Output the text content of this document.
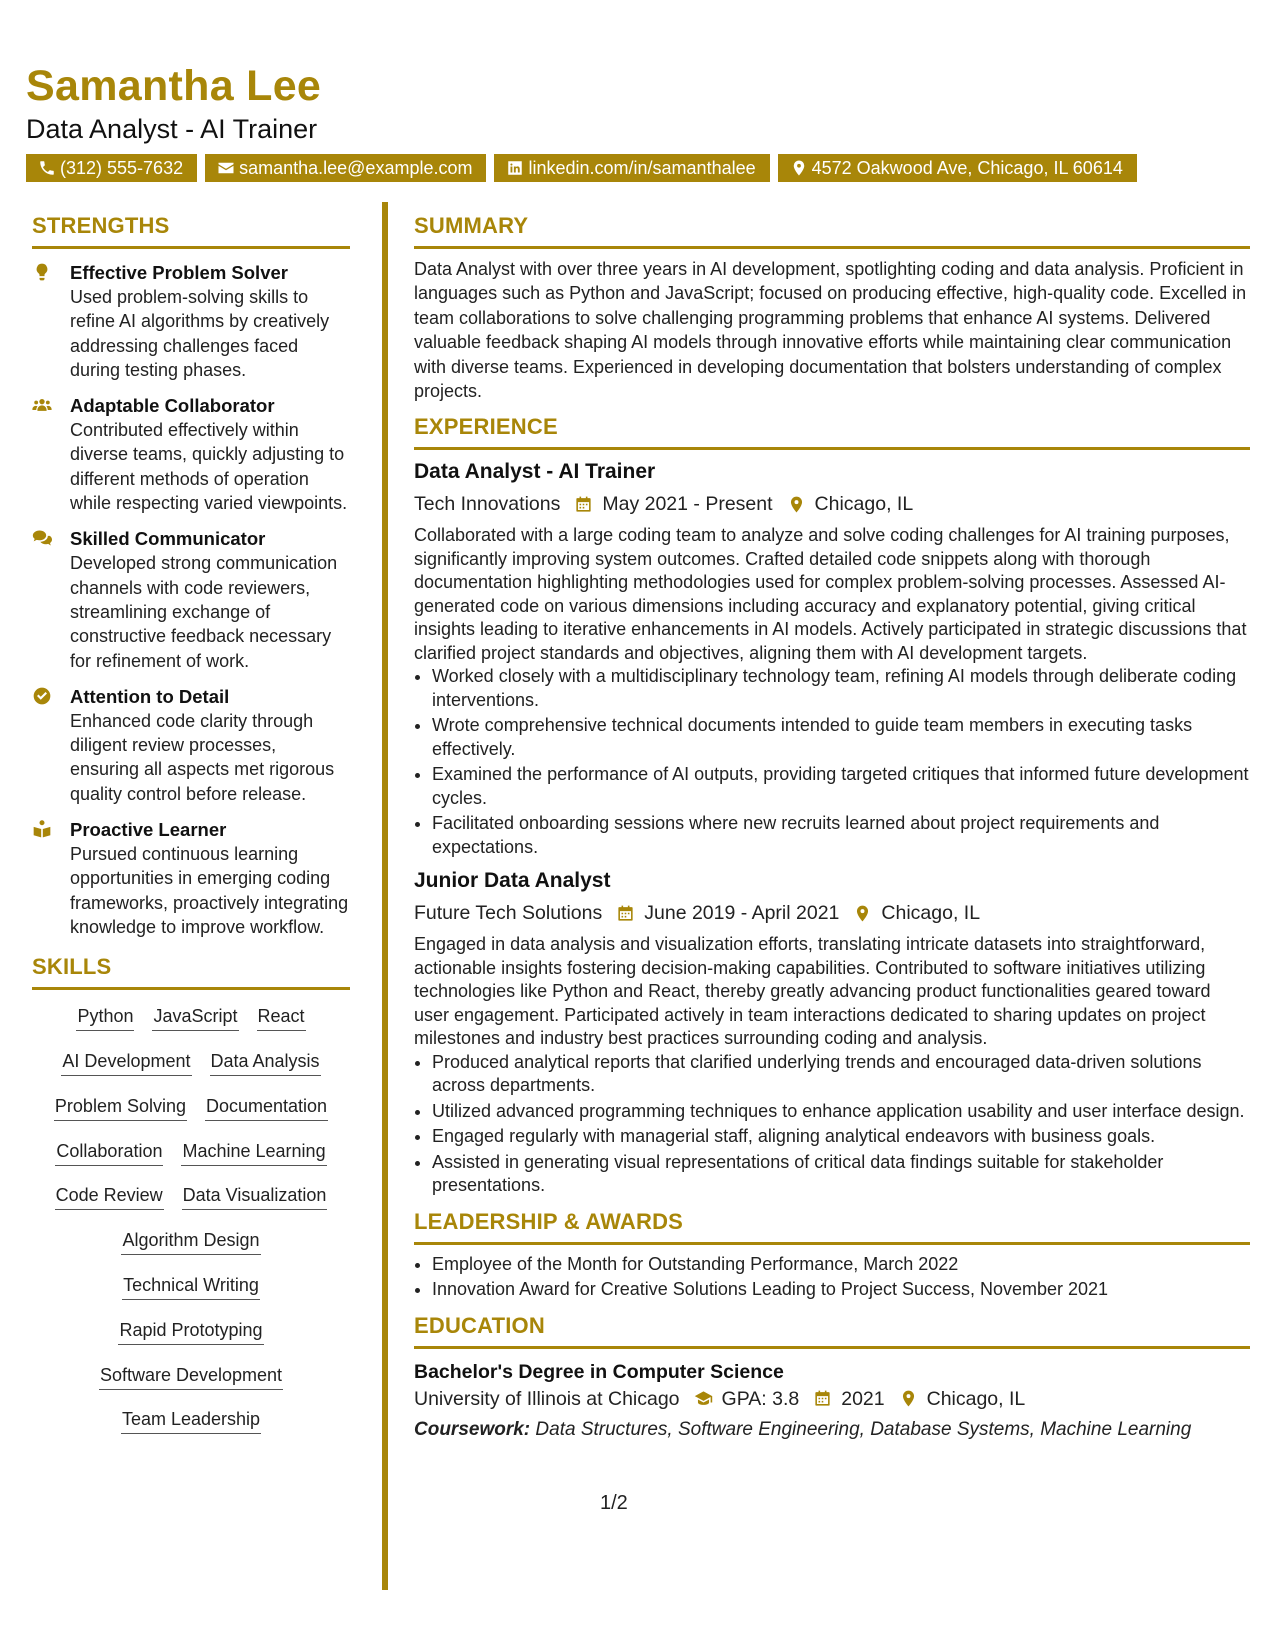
Samantha Lee
Data Analyst - AI Trainer
(312) 555-7632	samantha.lee@example.com	linkedin.com/in/samanthalee	4572 Oakwood Ave, Chicago, IL 60614
STRENGTHS
Effective Problem Solver
Used problem-solving skills to refine AI algorithms by creatively addressing challenges faced during testing phases.
Adaptable Collaborator
Contributed effectively within diverse teams, quickly adjusting to different methods of operation while respecting varied viewpoints.
Skilled Communicator
Developed strong communication channels with code reviewers, streamlining exchange of constructive feedback necessary for refinement of work.
Attention to Detail
Enhanced code clarity through diligent review processes, ensuring all aspects met rigorous quality control before release.
Proactive Learner
Pursued continuous learning opportunities in emerging coding frameworks, proactively integrating knowledge to improve workflow.
SKILLS
Python JavaScript React
AI Development Data Analysis
Problem Solving Documentation
Collaboration Machine Learning
Code Review Data Visualization
Algorithm Design
Technical Writing
Rapid Prototyping
Software Development
Team Leadership
SUMMARY
Data Analyst with over three years in AI development, spotlighting coding and data analysis. Proficient in languages such as Python and JavaScript; focused on producing effective, high-quality code. Excelled in team collaborations to solve challenging programming problems that enhance AI systems. Delivered valuable feedback shaping AI models through innovative efforts while maintaining clear communication with diverse teams. Experienced in developing documentation that bolsters understanding of complex projects.
EXPERIENCE
Data Analyst - AI Trainer
Tech Innovations May 2021 - Present Chicago, IL
Collaborated with a large coding team to analyze and solve coding challenges for AI training purposes, significantly improving system outcomes. Crafted detailed code snippets along with thorough documentation highlighting methodologies used for complex problem-solving processes. Assessed AI-generated code on various dimensions including accuracy and explanatory potential, giving critical insights leading to iterative enhancements in AI models. Actively participated in strategic discussions that clarified project standards and objectives, aligning them with AI development targets.
• Worked closely with a multidisciplinary technology team, refining AI models through deliberate coding interventions.
• Wrote comprehensive technical documents intended to guide team members in executing tasks effectively.
• Examined the performance of AI outputs, providing targeted critiques that informed future development cycles.
• Facilitated onboarding sessions where new recruits learned about project requirements and expectations.
Junior Data Analyst
Future Tech Solutions June 2019 - April 2021 Chicago, IL
Engaged in data analysis and visualization efforts, translating intricate datasets into straightforward, actionable insights fostering decision-making capabilities. Contributed to software initiatives utilizing technologies like Python and React, thereby greatly advancing product functionalities geared toward user engagement. Participated actively in team interactions dedicated to sharing updates on project milestones and industry best practices surrounding coding and analysis.
• Produced analytical reports that clarified underlying trends and encouraged data-driven solutions across departments.
• Utilized advanced programming techniques to enhance application usability and user interface design.
• Engaged regularly with managerial staff, aligning analytical endeavors with business goals.
• Assisted in generating visual representations of critical data findings suitable for stakeholder presentations.
LEADERSHIP & AWARDS
• Employee of the Month for Outstanding Performance, March 2022
• Innovation Award for Creative Solutions Leading to Project Success, November 2021
EDUCATION
Bachelor's Degree in Computer Science
University of Illinois at Chicago GPA: 3.8 2021 Chicago, IL
Coursework: Data Structures, Software Engineering, Database Systems, Machine Learning
1/2
